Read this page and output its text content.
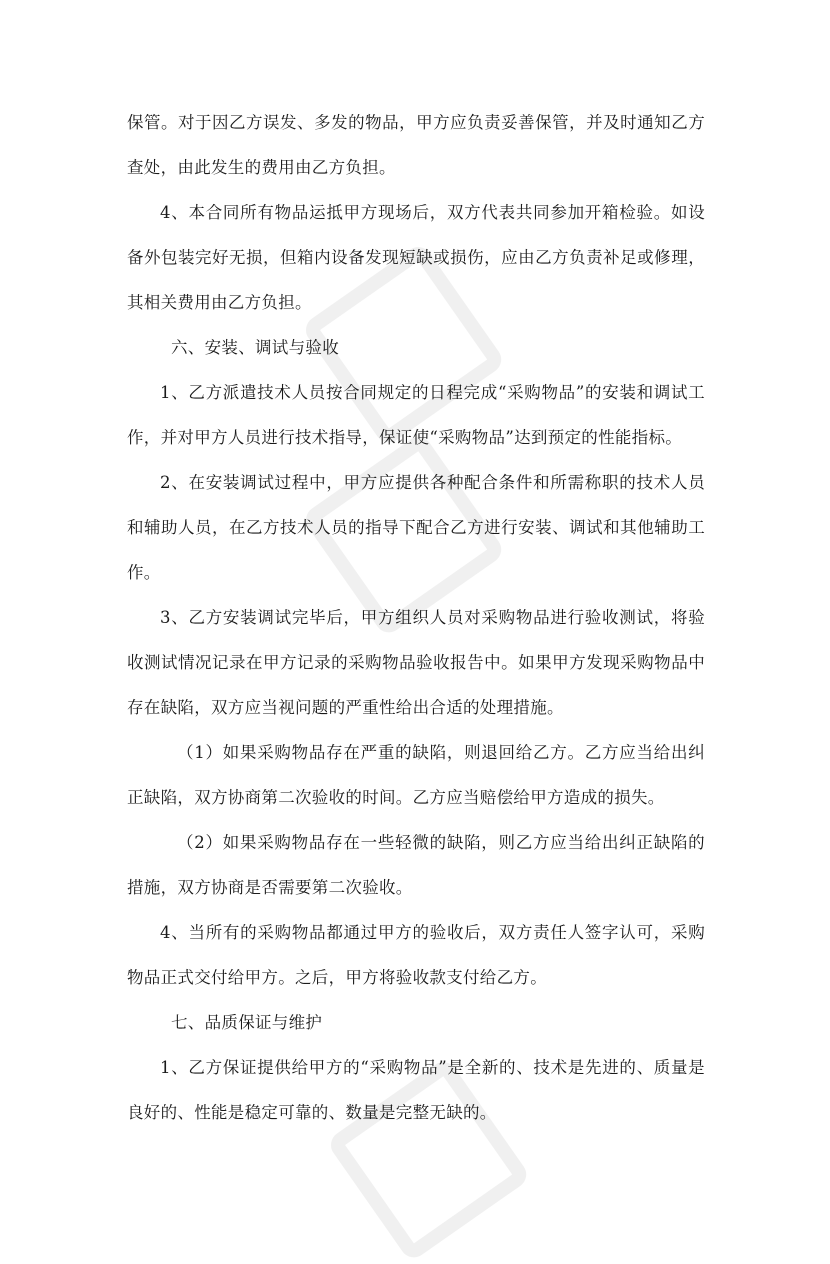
保管。对于因乙方误发、多发的物品，甲方应负责妥善保管，并及时通知乙方查处，由此发生的费用由乙方负担。

4、本合同所有物品运抵甲方现场后，双方代表共同参加开箱检验。如设备外包装完好无损，但箱内设备发现短缺或损伤，应由乙方负责补足或修理，其相关费用由乙方负担。

六、安装、调试与验收

1、乙方派遣技术人员按合同规定的日程完成“采购物品”的安装和调试工作，并对甲方人员进行技术指导，保证使“采购物品”达到预定的性能指标。

2、在安装调试过程中，甲方应提供各种配合条件和所需称职的技术人员和辅助人员，在乙方技术人员的指导下配合乙方进行安装、调试和其他辅助工作。

3、乙方安装调试完毕后，甲方组织人员对采购物品进行验收测试，将验收测试情况记录在甲方记录的采购物品验收报告中。如果甲方发现采购物品中存在缺陷，双方应当视问题的严重性给出合适的处理措施。

（1）如果采购物品存在严重的缺陷，则退回给乙方。乙方应当给出纠正缺陷，双方协商第二次验收的时间。乙方应当赔偿给甲方造成的损失。

（2）如果采购物品存在一些轻微的缺陷，则乙方应当给出纠正缺陷的措施，双方协商是否需要第二次验收。

4、当所有的采购物品都通过甲方的验收后，双方责任人签字认可，采购物品正式交付给甲方。之后，甲方将验收款支付给乙方。

七、品质保证与维护

1、乙方保证提供给甲方的“采购物品”是全新的、技术是先进的、质量是良好的、性能是稳定可靠的、数量是完整无缺的。
